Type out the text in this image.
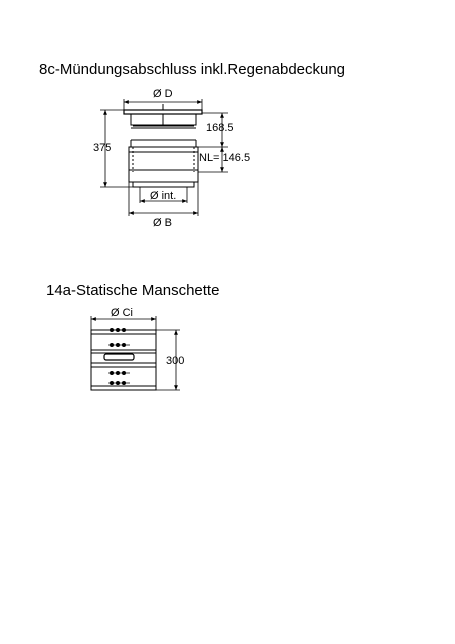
8c-Mündungsabschluss inkl.Regenabdeckung
14a-Statische Manschette
Ø D
375
168.5
NL= 146.5
Ø int.
Ø B
Ø Ci
300
